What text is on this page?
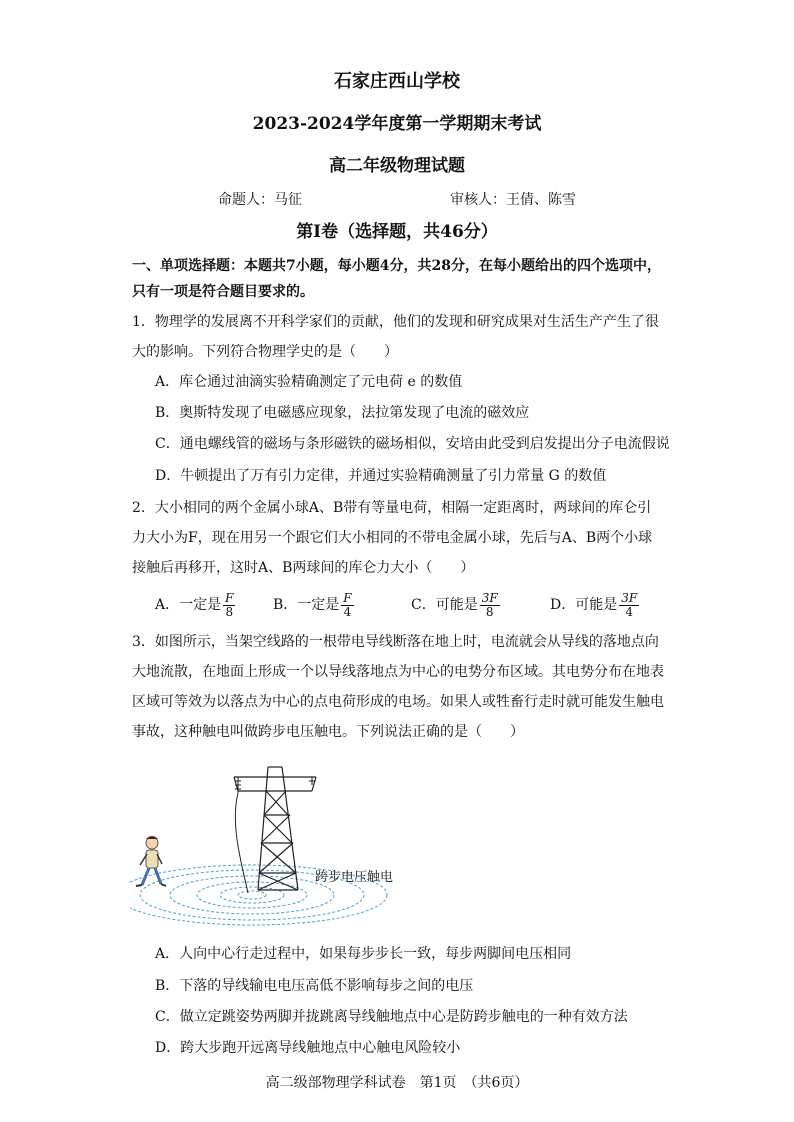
石家庄西山学校
2023-2024学年度第一学期期末考试
高二年级物理试题
命题人：马征	审核人：王倩、陈雪
第Ⅰ卷（选择题，共46分）
一、单项选择题：本题共7小题，每小题4分，共28分，在每小题给出的四个选项中，
只有一项是符合题目要求的。
1．物理学的发展离不开科学家们的贡献，他们的发现和研究成果对生活生产产生了很
大的影响。下列符合物理学史的是（　　）
A．库仑通过油滴实验精确测定了元电荷 e 的数值
B．奥斯特发现了电磁感应现象，法拉第发现了电流的磁效应
C．通电螺线管的磁场与条形磁铁的磁场相似，安培由此受到启发提出分子电流假说
D．牛顿提出了万有引力定律，并通过实验精确测量了引力常量 G 的数值
2．大小相同的两个金属小球A、B带有等量电荷，相隔一定距离时，两球间的库仑引
力大小为F，现在用另一个跟它们大小相同的不带电金属小球，先后与A、B两个小球
接触后再移开，这时A、B两球间的库仑力大小（　　）
A．一定是 $\frac{F}{8}$	B．一定是 $\frac{F}{4}$	C．可能是 $\frac{3F}{8}$	D．可能是 $\frac{3F}{4}$
3．如图所示，当架空线路的一根带电导线断落在地上时，电流就会从导线的落地点向
大地流散，在地面上形成一个以导线落地点为中心的电势分布区域。其电势分布在地表
区域可等效为以落点为中心的点电荷形成的电场。如果人或牲畜行走时就可能发生触电
事故，这种触电叫做跨步电压触电。下列说法正确的是（　　）
跨步电压触电
A．人向中心行走过程中，如果每步步长一致，每步两脚间电压相同
B．下落的导线输电电压高低不影响每步之间的电压
C．做立定跳姿势两脚并拢跳离导线触地点中心是防跨步触电的一种有效方法
D．跨大步跑开远离导线触地点中心触电风险较小
高二级部物理学科试卷　第1页　（共6页）
